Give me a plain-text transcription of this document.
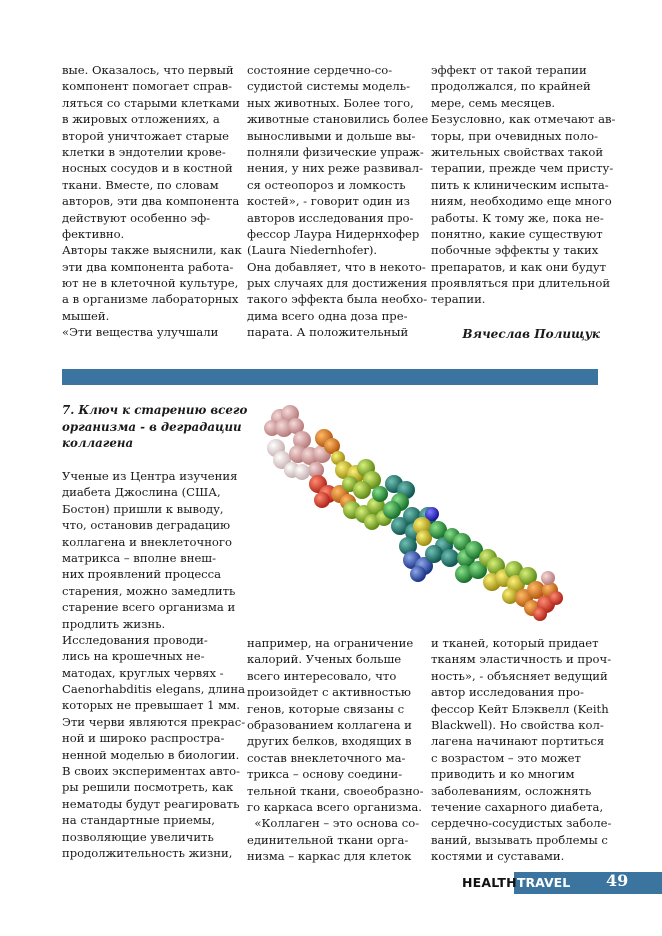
вые. Оказалось, что первый
компонент помогает справ-
ляться со старыми клетками
в жировых отложениях, а
второй уничтожает старые
клетки в эндотелии крове-
носных сосудов и в костной
ткани. Вместе, по словам
авторов, эти два компонента
действуют особенно эф-
фективно.
Авторы также выяснили, как
эти два компонента работа-
ют не в клеточной культуре,
а в организме лабораторных
мышей.
«Эти вещества улучшали
состояние сердечно-со-
судистой системы модель-
ных животных. Более того,
животные становились более
выносливыми и дольше вы-
полняли физические упраж-
нения, у них реже развивал-
ся остеопороз и ломкость
костей», - говорит один из
авторов исследования про-
фессор Лаура Нидернхофер
(Laura Niedernhofer).
Она добавляет, что в некото-
рых случаях для достижения
такого эффекта была необхо-
дима всего одна доза пре-
парата. А положительный
эффект от такой терапии
продолжался, по крайней
мере, семь месяцев.
Безусловно, как отмечают ав-
торы, при очевидных поло-
жительных свойствах такой
терапии, прежде чем присту-
пить к клиническим испыта-
ниям, необходимо еще много
работы. К тому же, пока не-
понятно, какие существуют
побочные эффекты у таких
препаратов, и как они будут
проявляться при длительной
терапии.
Вячеслав Полищук
7. Ключ к старению всего
организма - в деградации
коллагена
Ученые из Центра изучения
диабета Джослина (США,
Бостон) пришли к выводу,
что, остановив деградацию
коллагена и внеклеточного
матрикса – вполне внеш-
них проявлений процесса
старения, можно замедлить
старение всего организма и
продлить жизнь.
Исследования проводи-
лись на крошечных не-
матодах, круглых червях -
Caenorhabditis elegans, длина
которых не превышает 1 мм.
Эти черви являются прекрас-
ной и широко распростра-
ненной моделью в биологии.
В своих экспериментах авто-
ры решили посмотреть, как
нематоды будут реагировать
на стандартные приемы,
позволяющие увеличить
продолжительность жизни,
например, на ограничение
калорий. Ученых больше
всего интересовало, что
произойдет с активностью
генов, которые связаны с
образованием коллагена и
других белков, входящих в
состав внеклеточного ма-
трикса – основу соедини-
тельной ткани, своеобразно-
го каркаса всего организма.
«Коллаген – это основа со-
единительной ткани орга-
низма – каркас для клеток
и тканей, который придает
тканям эластичность и проч-
ность», - объясняет ведущий
автор исследования про-
фессор Кейт Блэквелл (Keith
Blackwell). Но свойства кол-
лагена начинают портиться
с возрастом – это может
приводить и ко многим
заболеваниям, осложнять
течение сахарного диабета,
сердечно-сосудистых заболе-
ваний, вызывать проблемы с
костями и суставами.
HEALTH TRAVEL 49
